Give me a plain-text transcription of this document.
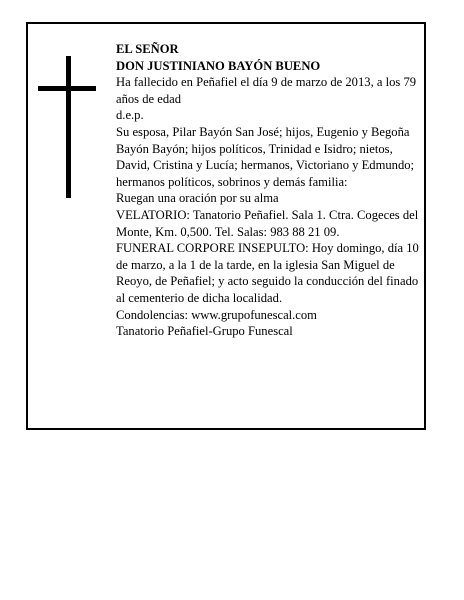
EL SEÑOR

DON JUSTINIANO BAYÓN BUENO

Ha fallecido en Peñafiel el día 9 de marzo de 2013, a los 79 años de edad

d.e.p.

Su esposa, Pilar Bayón San José; hijos, Eugenio y Begoña Bayón Bayón; hijos políticos, Trinidad e Isidro; nietos, David, Cristina y Lucía; hermanos, Victoriano y Edmundo; hermanos políticos, sobrinos y demás familia:

Ruegan una oración por su alma

VELATORIO: Tanatorio Peñafiel. Sala 1. Ctra. Cogeces del Monte, Km. 0,500. Tel. Salas: 983 88 21 09.

FUNERAL CORPORE INSEPULTO: Hoy domingo, día 10 de marzo, a la 1 de la tarde, en la iglesia San Miguel de Reoyo, de Peñafiel; y acto seguido la conducción del finado al cementerio de dicha localidad.

Condolencias: www.grupofunescal.com

Tanatorio Peñafiel-Grupo Funescal
